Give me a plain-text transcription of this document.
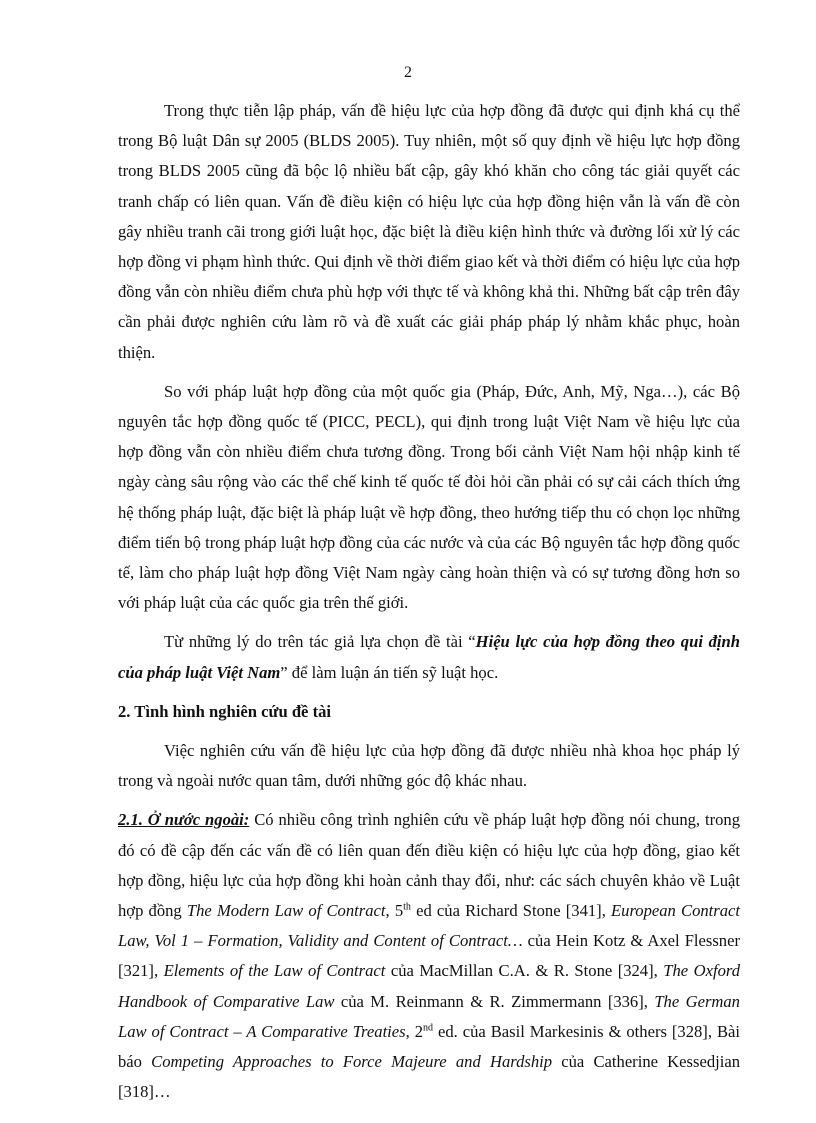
2

Trong thực tiễn lập pháp, vấn đề hiệu lực của hợp đồng đã được qui định khá cụ thể trong Bộ luật Dân sự 2005 (BLDS 2005). Tuy nhiên, một số quy định về hiệu lực hợp đồng trong BLDS 2005 cũng đã bộc lộ nhiều bất cập, gây khó khăn cho công tác giải quyết các tranh chấp có liên quan. Vấn đề điều kiện có hiệu lực của hợp đồng hiện vẫn là vấn đề còn gây nhiều tranh cãi trong giới luật học, đặc biệt là điều kiện hình thức và đường lối xử lý các hợp đồng vi phạm hình thức. Qui định về thời điểm giao kết và thời điểm có hiệu lực của hợp đồng vẫn còn nhiều điểm chưa phù hợp với thực tế và không khả thi. Những bất cập trên đây cần phải được nghiên cứu làm rõ và đề xuất các giải pháp pháp lý nhằm khắc phục, hoàn thiện.

So với pháp luật hợp đồng của một quốc gia (Pháp, Đức, Anh, Mỹ, Nga…), các Bộ nguyên tắc hợp đồng quốc tế (PICC, PECL), qui định trong luật Việt Nam về hiệu lực của hợp đồng vẫn còn nhiều điểm chưa tương đồng. Trong bối cảnh Việt Nam hội nhập kinh tế ngày càng sâu rộng vào các thể chế kinh tế quốc tế đòi hỏi cần phải có sự cải cách thích ứng hệ thống pháp luật, đặc biệt là pháp luật về hợp đồng, theo hướng tiếp thu có chọn lọc những điểm tiến bộ trong pháp luật hợp đồng của các nước và của các Bộ nguyên tắc hợp đồng quốc tế, làm cho pháp luật hợp đồng Việt Nam ngày càng hoàn thiện và có sự tương đồng hơn so với pháp luật của các quốc gia trên thế giới.

Từ những lý do trên tác giả lựa chọn đề tài “Hiệu lực của hợp đồng theo qui định của pháp luật Việt Nam” để làm luận án tiến sỹ luật học.

2. Tình hình nghiên cứu đề tài

Việc nghiên cứu vấn đề hiệu lực của hợp đồng đã được nhiều nhà khoa học pháp lý trong và ngoài nước quan tâm, dưới những góc độ khác nhau.

2.1. Ở nước ngoài: Có nhiều công trình nghiên cứu về pháp luật hợp đồng nói chung, trong đó có đề cập đến các vấn đề có liên quan đến điều kiện có hiệu lực của hợp đồng, giao kết hợp đồng, hiệu lực của hợp đồng khi hoàn cảnh thay đổi, như: các sách chuyên khảo về Luật hợp đồng The Modern Law of Contract, 5th ed của Richard Stone [341], European Contract Law, Vol 1 – Formation, Validity and Content of Contract… của Hein Kotz & Axel Flessner [321], Elements of the Law of Contract của MacMillan C.A. & R. Stone [324], The Oxford Handbook of Comparative Law của M. Reinmann & R. Zimmermann [336], The German Law of Contract – A Comparative Treaties, 2nd ed. của Basil Markesinis & others [328], Bài báo Competing Approaches to Force Majeure and Hardship của Catherine Kessedjian [318]…
